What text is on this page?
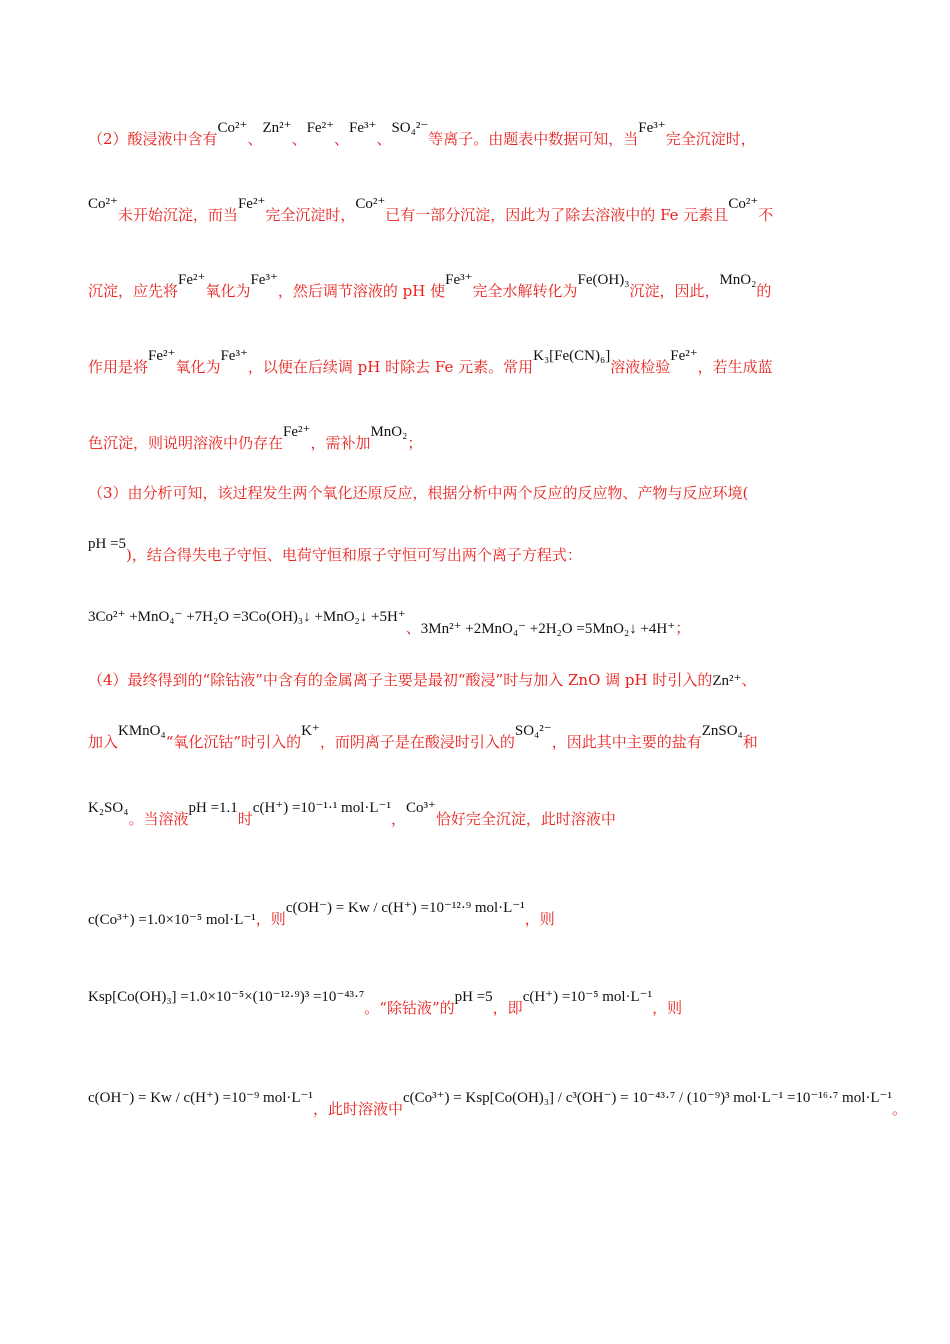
（2）酸浸液中含有Co²⁺、Zn²⁺、Fe²⁺、Fe³⁺、SO₄²⁻等离子。由题表中数据可知，当Fe³⁺完全沉淀时，
Co²⁺未开始沉淀，而当Fe²⁺完全沉淀时，Co²⁺已有一部分沉淀，因此为了除去溶液中的 Fe 元素且Co²⁺不
沉淀，应先将Fe²⁺氧化为Fe³⁺，然后调节溶液的 pH 使Fe³⁺完全水解转化为Fe(OH)₃沉淀，因此，MnO₂的
作用是将Fe²⁺氧化为Fe³⁺，以便在后续调 pH 时除去 Fe 元素。常用K₃[Fe(CN)₆]溶液检验Fe²⁺，若生成蓝
色沉淀，则说明溶液中仍存在Fe²⁺，需补加MnO₂；
（3）由分析可知，该过程发生两个氧化还原反应，根据分析中两个反应的反应物、产物与反应环境(
pH =5)，结合得失电子守恒、电荷守恒和原子守恒可写出两个离子方程式：
3Co²⁺ +MnO₄⁻ +7H₂O =3Co(OH)₃↓ +MnO₂↓ +5H⁺、3Mn²⁺ +2MnO₄⁻ +2H₂O =5MnO₂↓ +4H⁺；
（4）最终得到的“除钴液”中含有的金属离子主要是最初“酸浸”时与加入 ZnO 调 pH 时引入的Zn²⁺、
加入KMnO₄“氧化沉钴”时引入的K⁺，而阴离子是在酸浸时引入的SO₄²⁻，因此其中主要的盐有ZnSO₄和
K₂SO₄。当溶液pH =1.1时c(H⁺) =10⁻¹·¹ mol·L⁻¹，Co³⁺恰好完全沉淀，此时溶液中
c(Co³⁺) =1.0×10⁻⁵ mol·L⁻¹，则c(OH⁻) = Kw / c(H⁺) =10⁻¹²·⁹ mol·L⁻¹，则
Ksp[Co(OH)₃] =1.0×10⁻⁵×(10⁻¹²·⁹)³ =10⁻⁴³·⁷。“除钴液”的pH =5，即c(H⁺) =10⁻⁵ mol·L⁻¹，则
c(OH⁻) = Kw / c(H⁺) =10⁻⁹ mol·L⁻¹，此时溶液中c(Co³⁺) = Ksp[Co(OH)₃] / c³(OH⁻) = 10⁻⁴³·⁷ / (10⁻⁹)³ mol·L⁻¹ =10⁻¹⁶·⁷ mol·L⁻¹。
